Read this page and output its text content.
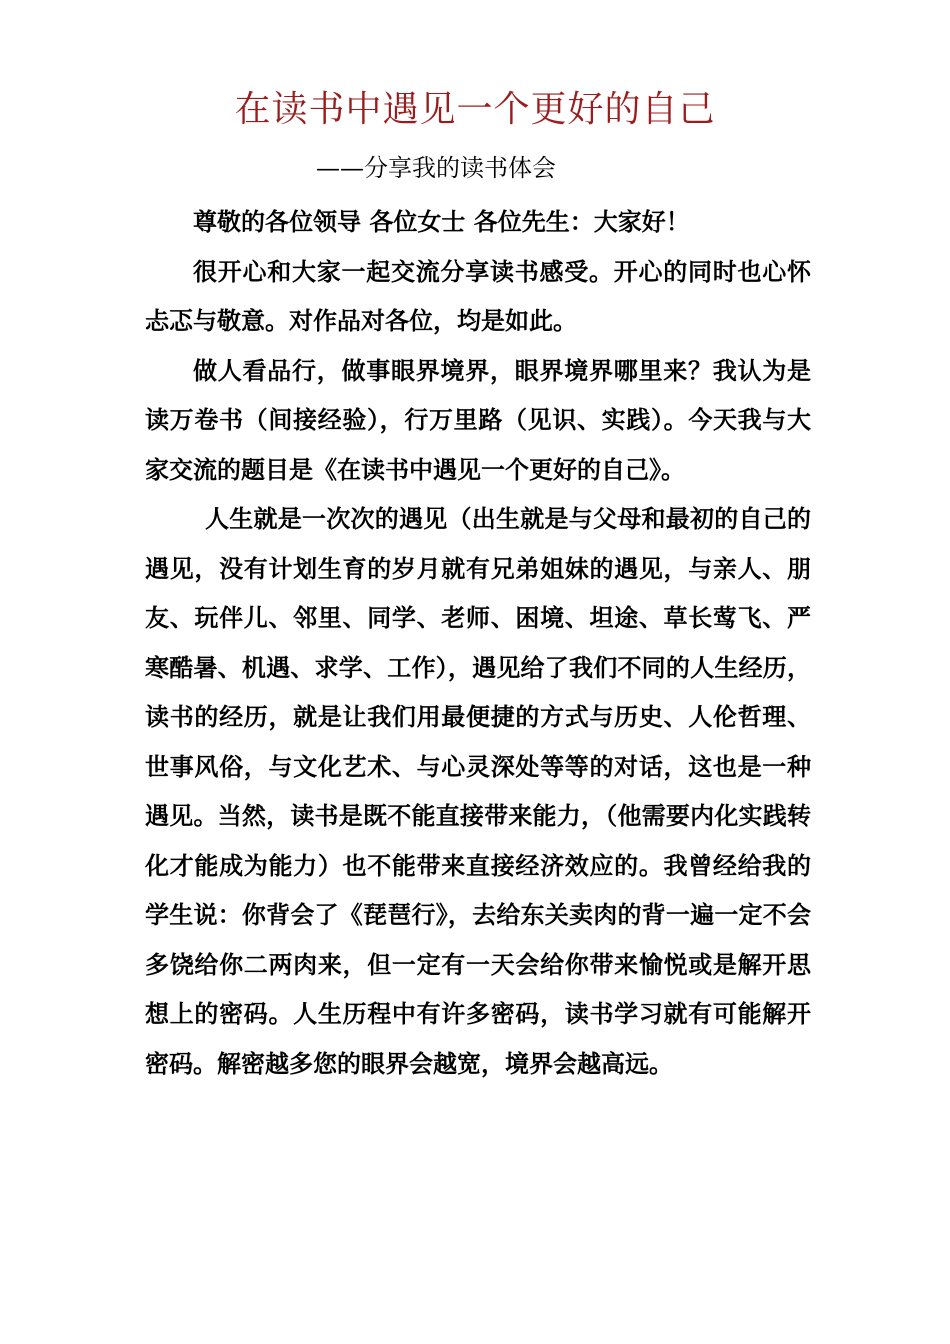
在读书中遇见一个更好的自己
——分享我的读书体会

尊敬的各位领导 各位女士 各位先生：大家好！

很开心和大家一起交流分享读书感受。开心的同时也心怀忐忑与敬意。对作品对各位，均是如此。

做人看品行，做事眼界境界，眼界境界哪里来？我认为是读万卷书（间接经验），行万里路（见识、实践）。今天我与大家交流的题目是《在读书中遇见一个更好的自己》。

人生就是一次次的遇见（出生就是与父母和最初的自己的遇见，没有计划生育的岁月就有兄弟姐妹的遇见，与亲人、朋友、玩伴儿、邻里、同学、老师、困境、坦途、草长莺飞、严寒酷暑、机遇、求学、工作），遇见给了我们不同的人生经历，读书的经历，就是让我们用最便捷的方式与历史、人伦哲理、世事风俗，与文化艺术、与心灵深处等等的对话，这也是一种遇见。当然，读书是既不能直接带来能力，（他需要内化实践转化才能成为能力）也不能带来直接经济效应的。我曾经给我的学生说：你背会了《琵琶行》，去给东关卖肉的背一遍一定不会多饶给你二两肉来，但一定有一天会给你带来愉悦或是解开思想上的密码。人生历程中有许多密码，读书学习就有可能解开密码。解密越多您的眼界会越宽，境界会越高远。
